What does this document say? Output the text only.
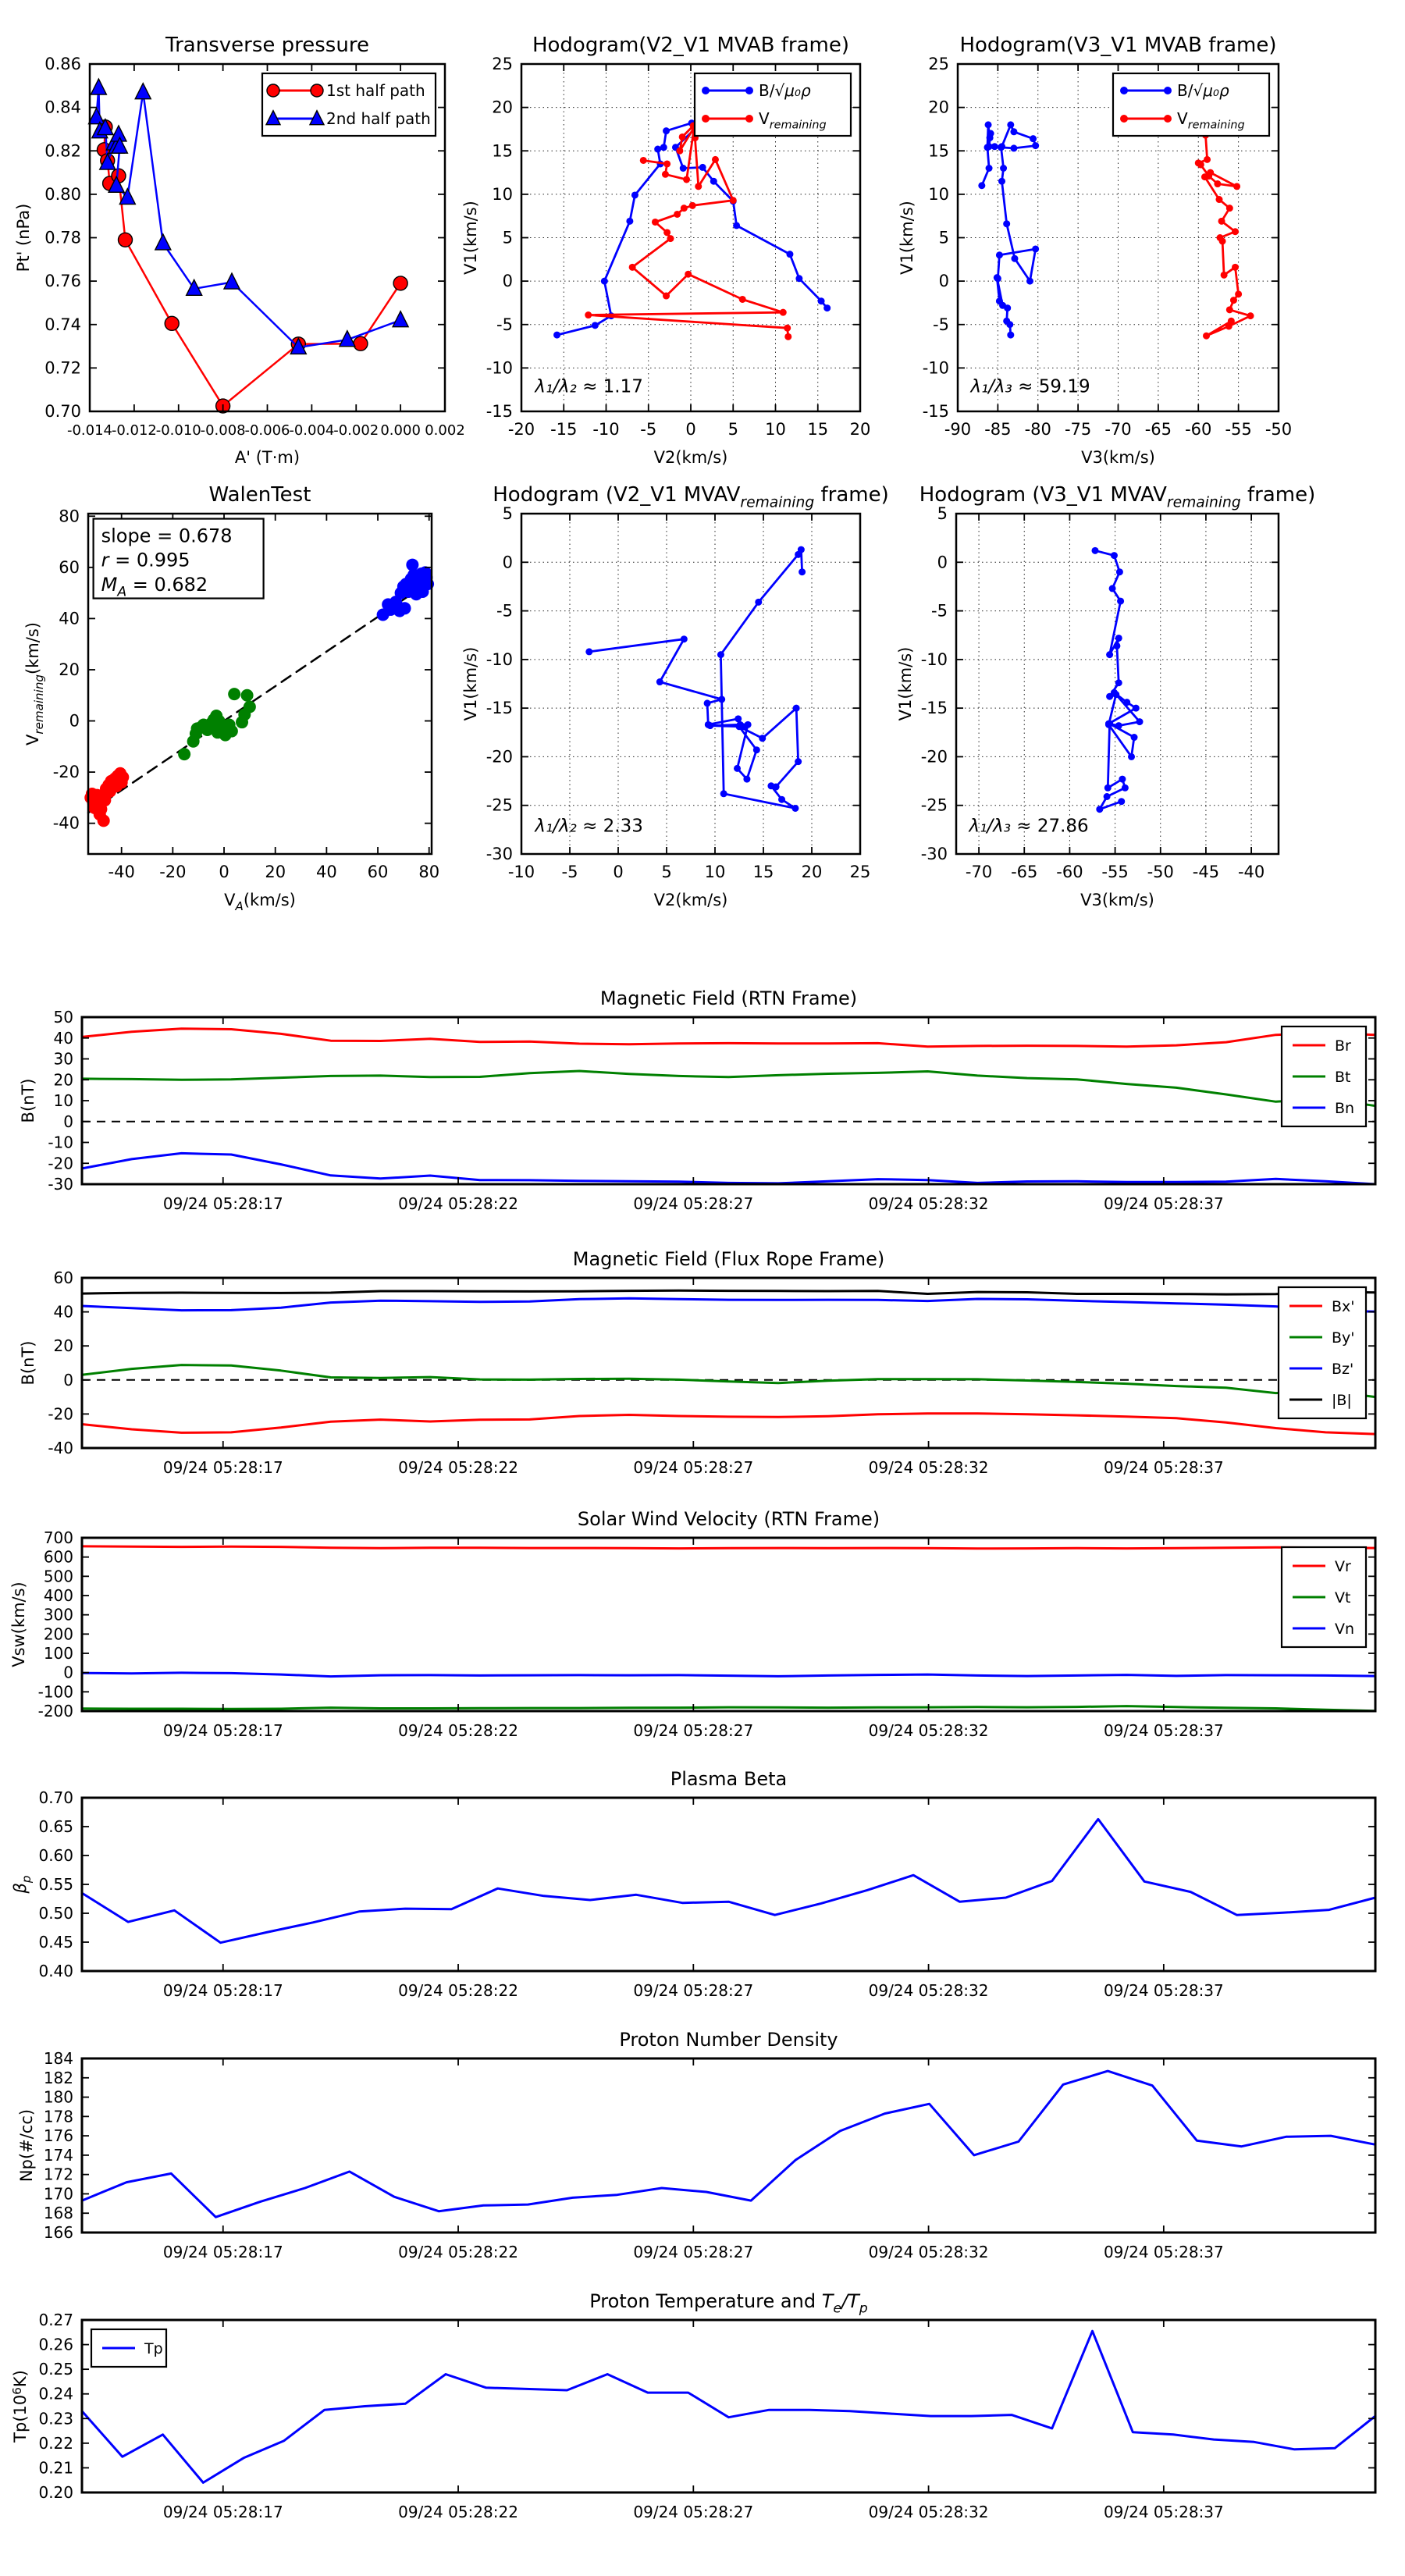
-0.014
-0.012
-0.010
-0.008
-0.006
-0.004
-0.002 0.000 0.002
0.70
0.72
0.74
0.76
0.78
0.80
0.82
0.84
0.86
Transverse pressure
A' (T·m)
Pt' (nPa)
1st half path
2nd half path
-20 -15 -10 -5 0 5 10 15 20
-15
-10
-5
0
5
10
15
20
25
Hodogram(V2_V1 MVAB frame)
V2(km/s)
V1(km/s)
B/√μ₀ρ
$V_{remaining}$
λ₁/λ₂ ≈ 1.17
-90 -85 -80 -75 -70 -65 -60 -55 -50
-15
-10
-5
0
5
10
15
20
25
Hodogram(V3_V1 MVAB frame)
V3(km/s)
V1(km/s)
B/√μ₀ρ
$V_{remaining}$
λ₁/λ₃ ≈ 59.19
-40 -20 0 20 40 60 80
-40
-20
0
20
40
60
80
WalenTest
$V_A(km/s)$
$V_{remaining}(km/s)$
slope = 0.678
r = 0.995
$M_A = 0.682$
-10 -5 0 5 10 15 20 25
-30
-25
-20
-15
-10
-5
0
5
Hodogram (V2_V1 $MVAV_{remaining}$ frame)
V2(km/s)
V1(km/s)
λ₁/λ₂ ≈ 2.33
-70 -65 -60 -55 -50 -45 -40
-30
-25
-20
-15
-10
-5
0
5
Hodogram (V3_V1 $MVAV_{remaining}$ frame)
V3(km/s)
V1(km/s)
λ₁/λ₃ ≈ 27.86
09/24 05:28:17	09/24 05:28:22	09/24 05:28:27	09/24 05:28:32	09/24 05:28:37
-30
-20
-10
0
10
20
30
40
50
Magnetic Field (RTN Frame)
B(nT)
Br
Bt
Bn
09/24 05:28:17	09/24 05:28:22	09/24 05:28:27	09/24 05:28:32	09/24 05:28:37
-40
-20
0
20
40
60
Magnetic Field (Flux Rope Frame)
B(nT)
Bx'
By'
Bz'
|B|
09/24 05:28:17	09/24 05:28:22	09/24 05:28:27	09/24 05:28:32	09/24 05:28:37
-200
-100
0
100
200
300
400
500
600
700
Solar Wind Velocity (RTN Frame)
Vsw(km/s)
Vr
Vt
Vn
09/24 05:28:17	09/24 05:28:22	09/24 05:28:27	09/24 05:28:32	09/24 05:28:37
0.40
0.45
0.50
0.55
0.60
0.65
0.70
Plasma Beta
$\beta_p$
09/24 05:28:17	09/24 05:28:22	09/24 05:28:27	09/24 05:28:32	09/24 05:28:37
166
168
170
172
174
176
178
180
182
184
Proton Number Density
Np(#/cc)
09/24 05:28:17	09/24 05:28:22	09/24 05:28:27	09/24 05:28:32	09/24 05:28:37
0.20
0.21
0.22
0.23
0.24
0.25
0.26
0.27
Proton Temperature and $T_e/T_p$
$Tp(10^6K)$
Tp
